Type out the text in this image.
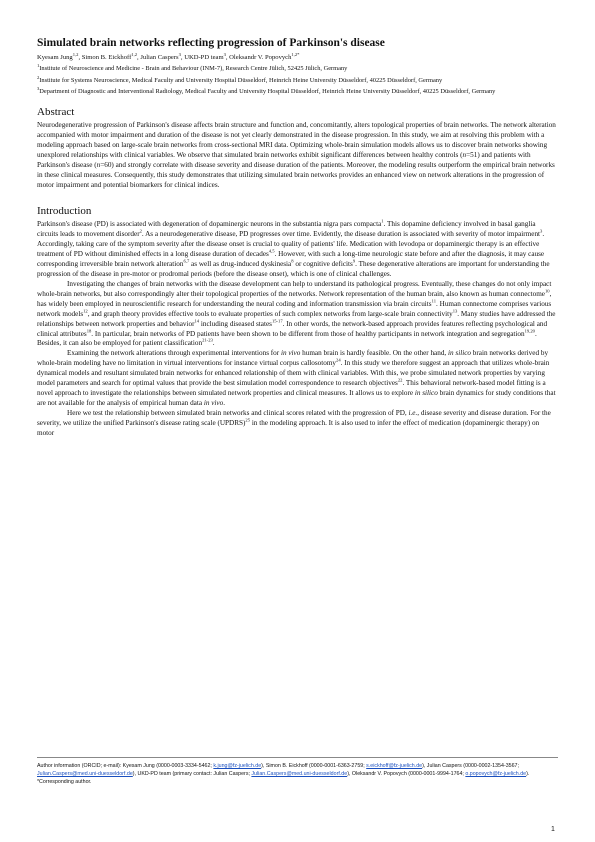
Simulated brain networks reflecting progression of Parkinson's disease

Kyesam Jung$^{1,2}$, Simon B. Eickhoff$^{1,2}$, Julian Caspers$^3$, UKD-PD team$^3$, Oleksandr V. Popovych$^{1,2*}$

$^1$Institute of Neuroscience and Medicine - Brain and Behaviour (INM-7), Research Centre Jülich, 52425 Jülich, Germany

$^2$Institute for Systems Neuroscience, Medical Faculty and University Hospital Düsseldorf, Heinrich Heine University Düsseldorf, 40225 Düsseldorf, Germany

$^3$Department of Diagnostic and Interventional Radiology, Medical Faculty and University Hospital Düsseldorf, Heinrich Heine University Düsseldorf, 40225 Düsseldorf, Germany

Abstract

Neurodegenerative progression of Parkinson's disease affects brain structure and function and, concomitantly, alters topological properties of brain networks. The network alteration accompanied with motor impairment and duration of the disease is not yet clearly demonstrated in the disease progression. In this study, we aim at resolving this problem with a modeling approach based on large-scale brain networks from cross-sectional MRI data. Optimizing whole-brain simulation models allows us to discover brain networks showing unexplored relationships with clinical variables. We observe that simulated brain networks exhibit significant differences between healthy controls (n=51) and patients with Parkinson's disease (n=60) and strongly correlate with disease severity and disease duration of the patients. Moreover, the modeling results outperform the empirical brain networks in these clinical measures. Consequently, this study demonstrates that utilizing simulated brain networks provides an enhanced view on network alterations in the progression of motor impairment and potential biomarkers for clinical indices.

Introduction

Parkinson's disease (PD) is associated with degeneration of dopaminergic neurons in the substantia nigra pars compacta$^1$. This dopamine deficiency involved in basal ganglia circuits leads to movement disorder$^2$. As a neurodegenerative disease, PD progresses over time. Evidently, the disease duration is associated with severity of motor impairment$^3$. Accordingly, taking care of the symptom severity after the disease onset is crucial to quality of patients' life. Medication with levodopa or dopaminergic therapy is an effective treatment of PD without diminished effects in a long disease duration of decades$^{4,5}$. However, with such a long-time neurologic state before and after the diagnosis, it may cause corresponding irreversible brain network alteration$^{6,7}$ as well as drug-induced dyskinesia$^8$ or cognitive deficits$^9$. These degenerative alterations are important for understanding the progression of the disease in pre-motor or prodromal periods (before the disease onset), which is one of clinical challenges.

Investigating the changes of brain networks with the disease development can help to understand its pathological progress. Eventually, these changes do not only impact whole-brain networks, but also correspondingly alter their topological properties of the networks. Network representation of the human brain, also known as human connectome$^{10}$, has widely been employed in neuroscientific research for understanding the neural coding and information transmission via brain circuits$^{11}$. Human connectome comprises various network models$^{12}$, and graph theory provides effective tools to evaluate properties of such complex networks from large-scale brain connectivity$^{13}$. Many studies have addressed the relationships between network properties and behavior$^{14}$ including diseased states$^{15-17}$. In other words, the network-based approach provides features reflecting psychological and clinical attributes$^{18}$. In particular, brain networks of PD patients have been shown to be different from those of healthy participants in network integration and segregation$^{19,20}$. Besides, it can also be employed for patient classification$^{21-23}$.

Examining the network alterations through experimental interventions for in vivo human brain is hardly feasible. On the other hand, in silico brain networks derived by whole-brain modeling have no limitation in virtual interventions for instance virtual corpus callosotomy$^{24}$. In this study we therefore suggest an approach that utilizes whole-brain dynamical models and resultant simulated brain networks for enhanced relationship of them with clinical variables. With this, we probe simulated network properties by varying model parameters and search for optimal values that provide the best simulation model correspondence to research objectives$^{22}$. This behavioral network-based model fitting is a novel approach to investigate the relationships between simulated network properties and clinical measures. It allows us to explore in silico brain dynamics for study conditions that are not available for the analysis of empirical human data in vivo.

Here we test the relationship between simulated brain networks and clinical scores related with the progression of PD, i.e., disease severity and disease duration. For the severity, we utilize the unified Parkinson's disease rating scale (UPDRS)$^{25}$ in the modeling approach. It is also used to infer the effect of medication (dopaminergic therapy) on motor

Author information (ORCID; e-mail): Kyesam Jung (0000-0003-3334-5462; k.jung@fz-juelich.de), Simon B. Eickhoff (0000-0001-6363-2759; s.eickhoff@fz-juelich.de), Julian Caspers (0000-0002-1354-3567; Julian.Caspers@med.uni-duesseldorf.de), UKD-PD team (primary contact: Julian Caspers; Julian.Caspers@med.uni-duesseldorf.de), Oleksandr V. Popovych (0000-0001-9994-1764; o.popovych@fz-juelich.de). *Corresponding author.
1
